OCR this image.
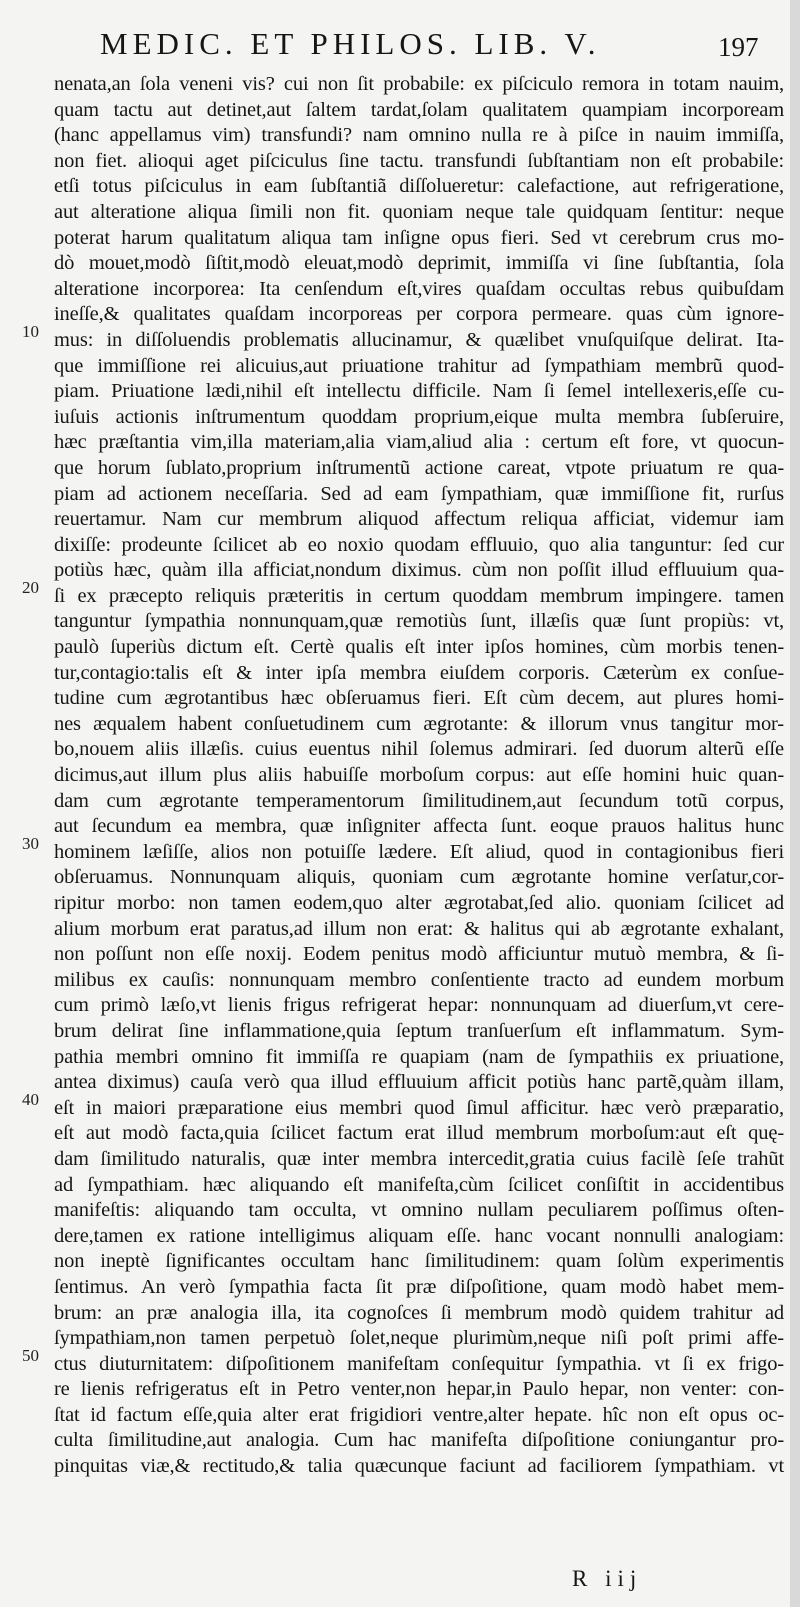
MEDIC. ET PHILOS. LIB. V.	197
nenata,an ſola veneni vis? cui non ſit probabile: ex piſciculo remora in totam nauim,
quam tactu aut detinet,aut ſaltem tardat,ſolam qualitatem quampiam incorpoream
(hanc appellamus vim) transfundi? nam omnino nulla re à piſce in nauim immiſſa,
non fiet. alioqui aget piſciculus ſine tactu. transfundi ſubſtantiam non eſt probabile:
etſi totus piſciculus in eam ſubſtantiã diſſolueretur: calefactione, aut refrigeratione,
aut alteratione aliqua ſimili non fit. quoniam neque tale quidquam ſentitur: neque
poterat harum qualitatum aliqua tam inſigne opus fieri. Sed vt cerebrum crus mo-
dò mouet,modò ſiſtit,modò eleuat,modò deprimit, immiſſa vi ſine ſubſtantia, ſola
alteratione incorporea: Ita cenſendum eſt,vires quaſdam occultas rebus quibuſdam
ineſſe,& qualitates quaſdam incorporeas per corpora permeare. quas cùm ignore-
mus: in diſſoluendis problematis allucinamur, & quælibet vnuſquiſque delirat. Ita-
que immiſſione rei alicuius,aut priuatione trahitur ad ſympathiam membrũ quod-
piam. Priuatione lædi,nihil eſt intellectu difficile. Nam ſi ſemel intellexeris,eſſe cu-
iuſuis actionis inſtrumentum quoddam proprium,eique multa membra ſubſeruire,
hæc præſtantia vim,illa materiam,alia viam,aliud alia : certum eſt fore, vt quocun-
que horum ſublato,proprium inſtrumentũ actione careat, vtpote priuatum re qua-
piam ad actionem neceſſaria. Sed ad eam ſympathiam, quæ immiſſione fit, rurſus
reuertamur. Nam cur membrum aliquod affectum reliqua afficiat, videmur iam
dixiſſe: prodeunte ſcilicet ab eo noxio quodam effluuio, quo alia tanguntur: ſed cur
potiùs hæc, quàm illa afficiat,nondum diximus. cùm non poſſit illud effluuium qua-
ſi ex præcepto reliquis præteritis in certum quoddam membrum impingere. tamen
tanguntur ſympathia nonnunquam,quæ remotiùs ſunt, illæſis quæ ſunt propiùs: vt,
paulò ſuperiùs dictum eſt. Certè qualis eſt inter ipſos homines, cùm morbis tenen-
tur,contagio:talis eſt & inter ipſa membra eiuſdem corporis. Cæterùm ex conſue-
tudine cum ægrotantibus hæc obſeruamus fieri. Eſt cùm decem, aut plures homi-
nes æqualem habent conſuetudinem cum ægrotante: & illorum vnus tangitur mor-
bo,nouem aliis illæſis. cuius euentus nihil ſolemus admirari. ſed duorum alterũ eſſe
dicimus,aut illum plus aliis habuiſſe morboſum corpus: aut eſſe homini huic quan-
dam cum ægrotante temperamentorum ſimilitudinem,aut ſecundum totũ corpus,
aut ſecundum ea membra, quæ inſigniter affecta ſunt. eoque prauos halitus hunc
hominem læſiſſe, alios non potuiſſe lædere. Eſt aliud, quod in contagionibus fieri
obſeruamus. Nonnunquam aliquis, quoniam cum ægrotante homine verſatur,cor-
ripitur morbo: non tamen eodem,quo alter ægrotabat,ſed alio. quoniam ſcilicet ad
alium morbum erat paratus,ad illum non erat: & halitus qui ab ægrotante exhalant,
non poſſunt non eſſe noxij. Eodem penitus modò afficiuntur mutuò membra, & ſi-
milibus ex cauſis: nonnunquam membro conſentiente tracto ad eundem morbum
cum primò læſo,vt lienis frigus refrigerat hepar: nonnunquam ad diuerſum,vt cere-
brum delirat ſine inflammatione,quia ſeptum tranſuerſum eſt inflammatum. Sym-
pathia membri omnino fit immiſſa re quapiam (nam de ſympathiis ex priuatione,
antea diximus) cauſa verò qua illud effluuium afficit potiùs hanc partẽ,quàm illam,
eſt in maiori præparatione eius membri quod ſimul afficitur. hæc verò præparatio,
eſt aut modò facta,quia ſcilicet factum erat illud membrum morboſum:aut eſt quę-
dam ſimilitudo naturalis, quæ inter membra intercedit,gratia cuius facilè ſeſe trahũt
ad ſympathiam. hæc aliquando eſt manifeſta,cùm ſcilicet conſiſtit in accidentibus
manifeſtis: aliquando tam occulta, vt omnino nullam peculiarem poſſimus oſten-
dere,tamen ex ratione intelligimus aliquam eſſe. hanc vocant nonnulli analogiam:
non ineptè ſignificantes occultam hanc ſimilitudinem: quam ſolùm experimentis
ſentimus. An verò ſympathia facta ſit præ diſpoſitione, quam modò habet mem-
brum: an præ analogia illa, ita cognoſces ſi membrum modò quidem trahitur ad
ſympathiam,non tamen perpetuò ſolet,neque plurimùm,neque niſi poſt primi affe-
ctus diuturnitatem: diſpoſitionem manifeſtam conſequitur ſympathia. vt ſi ex frigo-
re lienis refrigeratus eſt in Petro venter,non hepar,in Paulo hepar, non venter: con-
ſtat id factum eſſe,quia alter erat frigidiori ventre,alter hepate. hîc non eſt opus oc-
culta ſimilitudine,aut analogia. Cum hac manifeſta diſpoſitione coniungantur pro-
pinquitas viæ,& rectitudo,& talia quæcunque faciunt ad faciliorem ſympathiam. vt
10
20
30
40
50
R iij
